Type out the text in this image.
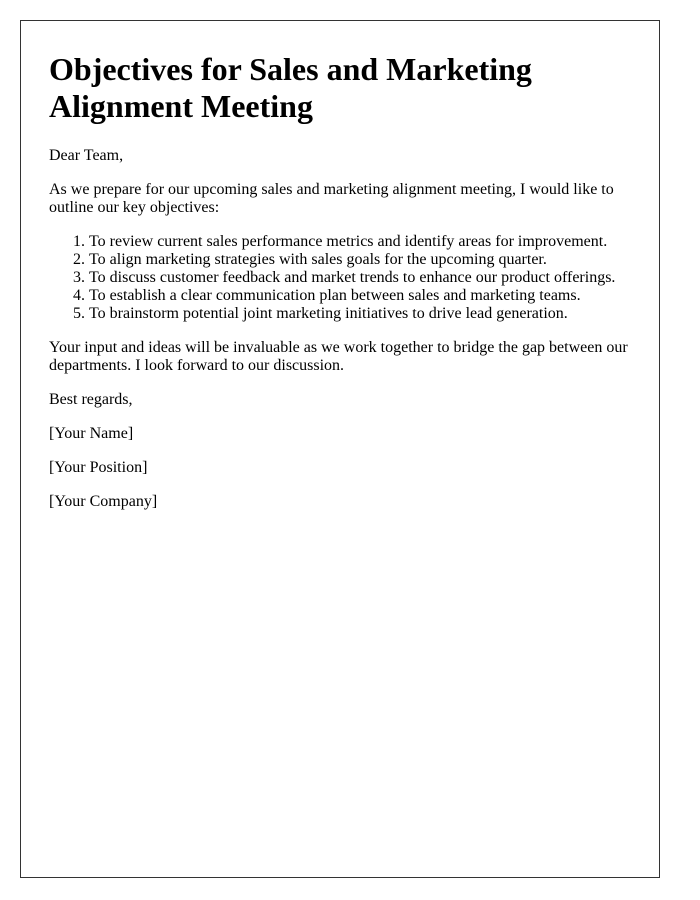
Objectives for Sales and Marketing Alignment Meeting

Dear Team,

As we prepare for our upcoming sales and marketing alignment meeting, I would like to outline our key objectives:

1. To review current sales performance metrics and identify areas for improvement.
2. To align marketing strategies with sales goals for the upcoming quarter.
3. To discuss customer feedback and market trends to enhance our product offerings.
4. To establish a clear communication plan between sales and marketing teams.
5. To brainstorm potential joint marketing initiatives to drive lead generation.

Your input and ideas will be invaluable as we work together to bridge the gap between our departments. I look forward to our discussion.

Best regards,

[Your Name]

[Your Position]

[Your Company]
